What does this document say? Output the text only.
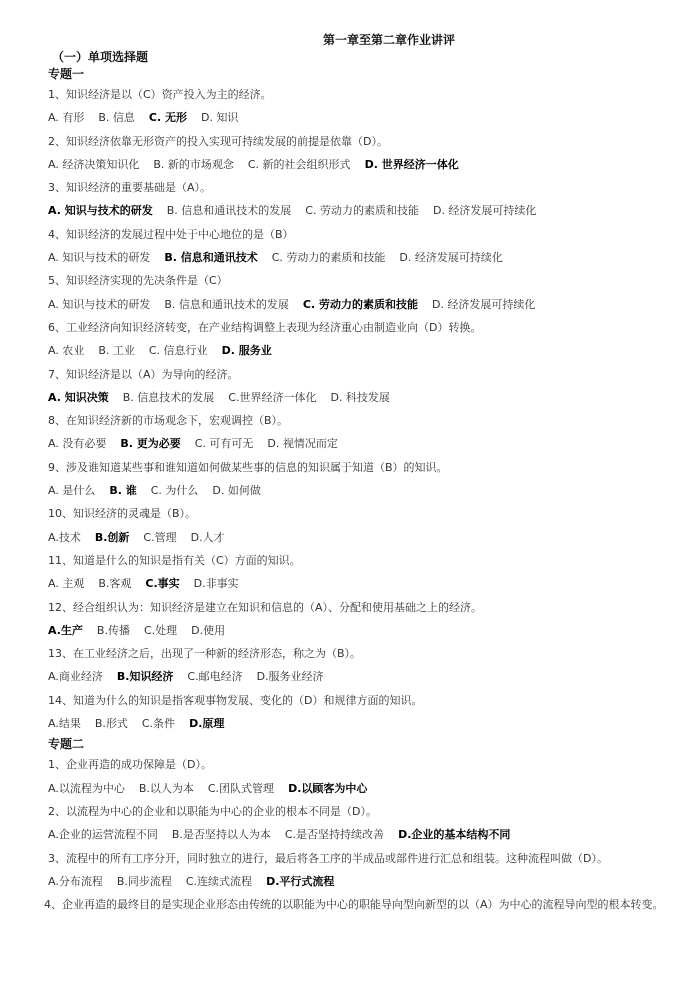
第一章至第二章作业讲评
（一）单项选择题
专题一
1、知识经济是以（C）资产投入为主的经济。
A. 有形 B. 信息 C. 无形 D. 知识
2、知识经济依靠无形资产的投入实现可持续发展的前提是依靠（D）。
A. 经济决策知识化 B. 新的市场观念 C. 新的社会组织形式 D. 世界经济一体化
3、知识经济的重要基础是（A）。
A. 知识与技术的研发 B. 信息和通讯技术的发展 C. 劳动力的素质和技能 D. 经济发展可持续化
4、知识经济的发展过程中处于中心地位的是（B）
A. 知识与技术的研发 B. 信息和通讯技术 C. 劳动力的素质和技能 D. 经济发展可持续化
5、知识经济实现的先决条件是（C）
A. 知识与技术的研发 B. 信息和通讯技术的发展 C. 劳动力的素质和技能 D. 经济发展可持续化
6、工业经济向知识经济转变，在产业结构调整上表现为经济重心由制造业向（D）转换。
A. 农业 B. 工业 C. 信息行业 D. 服务业
7、知识经济是以（A）为导向的经济。
A. 知识决策 B. 信息技术的发展 C.世界经济一体化 D. 科技发展
8、在知识经济新的市场观念下，宏观调控（B）。
A. 没有必要 B. 更为必要 C. 可有可无 D. 视情况而定
9、涉及谁知道某些事和谁知道如何做某些事的信息的知识属于知道（B）的知识。
A. 是什么 B. 谁 C. 为什么 D. 如何做
10、知识经济的灵魂是（B）。
A.技术 B.创新 C.管理 D.人才
11、知道是什么的知识是指有关（C）方面的知识。
A. 主观 B.客观 C.事实 D.非事实
12、经合组织认为：知识经济是建立在知识和信息的（A）、分配和使用基础之上的经济。
A.生产 B.传播 C.处理 D.使用
13、在工业经济之后，出现了一种新的经济形态，称之为（B）。
A.商业经济 B.知识经济 C.邮电经济 D.服务业经济
14、知道为什么的知识是指客观事物发展、变化的（D）和规律方面的知识。
A.结果 B.形式 C.条件 D.原理
专题二
1、企业再造的成功保障是（D）。
A.以流程为中心 B.以人为本 C.团队式管理 D.以顾客为中心
2、以流程为中心的企业和以职能为中心的企业的根本不同是（D）。
A.企业的运营流程不同 B.是否坚持以人为本 C.是否坚持持续改善 D.企业的基本结构不同
3、流程中的所有工序分开，同时独立的进行，最后将各工序的半成品或部件进行汇总和组装。这种流程叫做（D）。
A.分布流程 B.同步流程 C.连续式流程 D.平行式流程
4、企业再造的最终目的是实现企业形态由传统的以职能为中心的职能导向型向新型的以（A）为中心的流程导向型的根本转变。
